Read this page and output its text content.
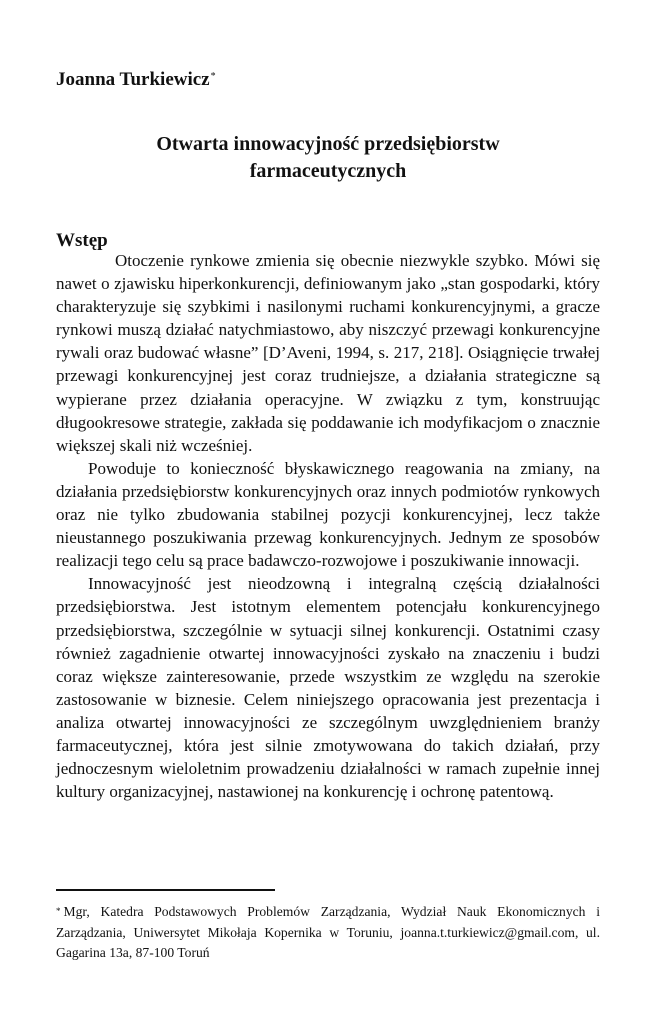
Joanna Turkiewicz*
Otwarta innowacyjność przedsiębiorstw
farmaceutycznych
Wstęp

Otoczenie rynkowe zmienia się obecnie niezwykle szybko. Mówi się nawet o zjawisku hiperkonkurencji, definiowanym jako „stan gospodarki, który charakteryzuje się szybkimi i nasilonymi ruchami konkurencyjnymi, a gracze rynkowi muszą działać natychmiastowo, aby niszczyć przewagi konkurencyjne rywali oraz budować własne” [D’Aveni, 1994, s. 217, 218]. Osiągnięcie trwałej przewagi konkurencyjnej jest coraz trudniejsze, a działania strategiczne są wypierane przez działania operacyjne. W związku z tym, konstruując długookresowe strategie, zakłada się poddawanie ich modyfikacjom o znacznie większej skali niż wcześniej.

Powoduje to konieczność błyskawicznego reagowania na zmiany, na działania przedsiębiorstw konkurencyjnych oraz innych podmiotów rynkowych oraz nie tylko zbudowania stabilnej pozycji konkurencyjnej, lecz także nieustannego poszukiwania przewag konkurencyjnych. Jednym ze sposobów realizacji tego celu są prace badawczo-rozwojowe i poszukiwanie innowacji.

Innowacyjność jest nieodzowną i integralną częścią działalności przedsiębiorstwa. Jest istotnym elementem potencjału konkurencyjnego przedsiębiorstwa, szczególnie w sytuacji silnej konkurencji. Ostatnimi czasy również zagadnienie otwartej innowacyjności zyskało na znaczeniu i budzi coraz większe zainteresowanie, przede wszystkim ze względu na szerokie zastosowanie w biznesie. Celem niniejszego opracowania jest prezentacja i analiza otwartej innowacyjności ze szczególnym uwzględnieniem branży farmaceutycznej, która jest silnie zmotywowana do takich działań, przy jednoczesnym wieloletnim prowadzeniu działalności w ramach zupełnie innej kultury organizacyjnej, nastawionej na konkurencję i ochronę patentową.

* Mgr, Katedra Podstawowych Problemów Zarządzania, Wydział Nauk Ekonomicznych i Zarządzania, Uniwersytet Mikołaja Kopernika w Toruniu, joanna.t.turkiewicz@gmail.com, ul. Gagarina 13a, 87-100 Toruń
